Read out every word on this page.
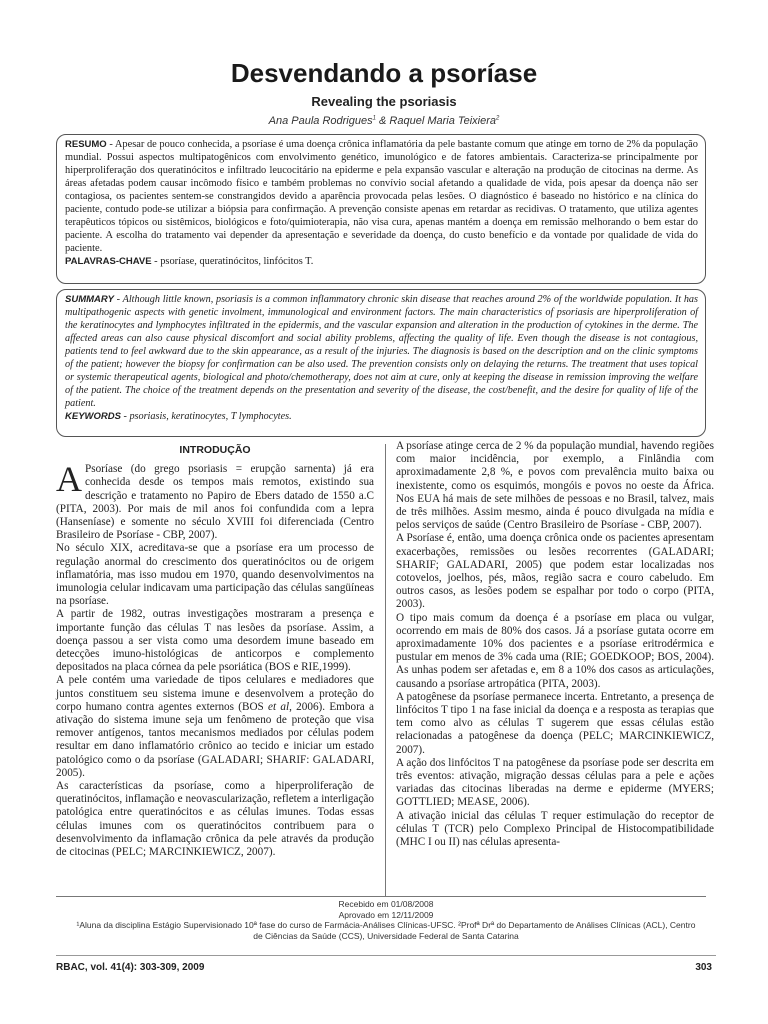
Desvendando a psoríase
Revealing the psoriasis
Ana Paula Rodrigues$^1$ & Raquel Maria Teixiera$^2$
RESUMO - Apesar de pouco conhecida, a psoríase é uma doença crônica inflamatória da pele bastante comum que atinge em torno de 2% da população mundial. Possui aspectos multipatogênicos com envolvimento genético, imunológico e de fatores ambientais. Caracteriza-se principalmente por hiperproliferação dos queratinócitos e infiltrado leucocitário na epiderme e pela expansão vascular e alteração na produção de citocinas na derme. As áreas afetadas podem causar incômodo físico e também problemas no convívio social afetando a qualidade de vida, pois apesar da doença não ser contagiosa, os pacientes sentem-se constrangidos devido a aparência provocada pelas lesões. O diagnóstico é baseado no histórico e na clínica do paciente, contudo pode-se utilizar a biópsia para confirmação. A prevenção consiste apenas em retardar as recidivas. O tratamento, que utiliza agentes terapêuticos tópicos ou sistêmicos, biológicos e foto/quimioterapia, não visa cura, apenas mantém a doença em remissão melhorando o bem estar do paciente. A escolha do tratamento vai depender da apresentação e severidade da doença, do custo benefício e da vontade por qualidade de vida do paciente.
PALAVRAS-CHAVE - psoríase, queratinócitos, linfócitos T.
SUMMARY - Although little known, psoriasis is a common inflammatory chronic skin disease that reaches around 2% of the worldwide population. It has multipathogenic aspects with genetic involment, immunological and environment factors. The main characteristics of psoriasis are hiperproliferation of the keratinocytes and lymphocytes infiltrated in the epidermis, and the vascular expansion and alteration in the production of cytokines in the derme. The affected areas can also cause physical discomfort and social ability problems, affecting the quality of life. Even though the disease is not contagious, patients tend to feel awkward due to the skin appearance, as a result of the injuries. The diagnosis is based on the description and on the clinic symptoms of the patient; however the biopsy for confirmation can be also used. The prevention consists only on delaying the returns. The treatment that uses topical or systemic therapeutical agents, biological and photo/chemotherapy, does not aim at cure, only at keeping the disease in remission improving the welfare of the patient. The choice of the treatment depends on the presentation and severity of the disease, the cost/benefit, and the desire for quality of life of the patient.
KEYWORDS - psoriasis, keratinocytes, T lymphocytes.
INTRODUÇÃO

A Psoríase (do grego psoriasis = erupção sarnenta) já era conhecida desde os tempos mais remotos, existindo sua descrição e tratamento no Papiro de Ebers datado de 1550 a.C (PITA, 2003). Por mais de mil anos foi confundida com a lepra (Hanseníase) e somente no século XVIII foi diferenciada (Centro Brasileiro de Psoríase - CBP, 2007).

No século XIX, acreditava-se que a psoríase era um processo de regulação anormal do crescimento dos queratinócitos ou de origem inflamatória, mas isso mudou em 1970, quando desenvolvimentos na imunologia celular indicavam uma participação das células sangüíneas na psoríase.

A partir de 1982, outras investigações mostraram a presença e importante função das células T nas lesões da psoríase. Assim, a doença passou a ser vista como uma desordem imune baseado em detecções imuno-histológicas de anticorpos e complemento depositados na placa córnea da pele psoriática (BOS e RIE,1999).

A pele contém uma variedade de tipos celulares e mediadores que juntos constituem seu sistema imune e desenvolvem a proteção do corpo humano contra agentes externos (BOS et al, 2006). Embora a ativação do sistema imune seja um fenômeno de proteção que visa remover antígenos, tantos mecanismos mediados por células podem resultar em dano inflamatório crônico ao tecido e iniciar um estado patológico como o da psoríase (GALADARI; SHARIF: GALADARI, 2005).

As características da psoríase, como a hiperproliferação de queratinócitos, inflamação e neovascularização, refletem a interligação patológica entre queratinócitos e as células imunes. Todas essas células imunes com os queratinócitos contribuem para o desenvolvimento da inflamação crônica da pele através da produção de citocinas (PELC; MARCINKIEWICZ, 2007).

A psoríase atinge cerca de 2 % da população mundial, havendo regiões com maior incidência, por exemplo, a Finlândia com aproximadamente 2,8 %, e povos com prevalência muito baixa ou inexistente, como os esquimós, mongóis e povos no oeste da África. Nos EUA há mais de sete milhões de pessoas e no Brasil, talvez, mais de três milhões. Assim mesmo, ainda é pouco divulgada na mídia e pelos serviços de saúde (Centro Brasileiro de Psoríase - CBP, 2007).

A Psoríase é, então, uma doença crônica onde os pacientes apresentam exacerbações, remissões ou lesões recorrentes (GALADARI; SHARIF; GALADARI, 2005) que podem estar localizadas nos cotovelos, joelhos, pés, mãos, região sacra e couro cabeludo. Em outros casos, as lesões podem se espalhar por todo o corpo (PITA, 2003).

O tipo mais comum da doença é a psoríase em placa ou vulgar, ocorrendo em mais de 80% dos casos. Já a psoríase gutata ocorre em aproximadamente 10% dos pacientes e a psoríase eritrodérmica e pustular em menos de 3% cada uma (RIE; GOEDKOOP; BOS, 2004). As unhas podem ser afetadas e, em 8 a 10% dos casos as articulações, causando a psoríase artropática (PITA, 2003).

A patogênese da psoríase permanece incerta. Entretanto, a presença de linfócitos T tipo 1 na fase inicial da doença e a resposta as terapias que tem como alvo as células T sugerem que essas células estão relacionadas a patogênese da doença (PELC; MARCINKIEWICZ, 2007).

A ação dos linfócitos T na patogênese da psoríase pode ser descrita em três eventos: ativação, migração dessas células para a pele e ações variadas das citocinas liberadas na derme e epiderme (MYERS; GOTTLIED; MEASE, 2006).

A ativação inicial das células T requer estimulação do receptor de células T (TCR) pelo Complexo Principal de Histocompatibilidade (MHC I ou II) nas células apresenta-

Recebido em 01/08/2008
Aprovado em 12/11/2009
¹Aluna da disciplina Estágio Supervisionado 10ª fase do curso de Farmácia-Análises Clínicas-UFSC. ²Profª Drª do Departamento de Análises Clínicas (ACL), Centro
de Ciências da Saúde (CCS), Universidade Federal de Santa Catarina
RBAC, vol. 41(4): 303-309, 2009	303
